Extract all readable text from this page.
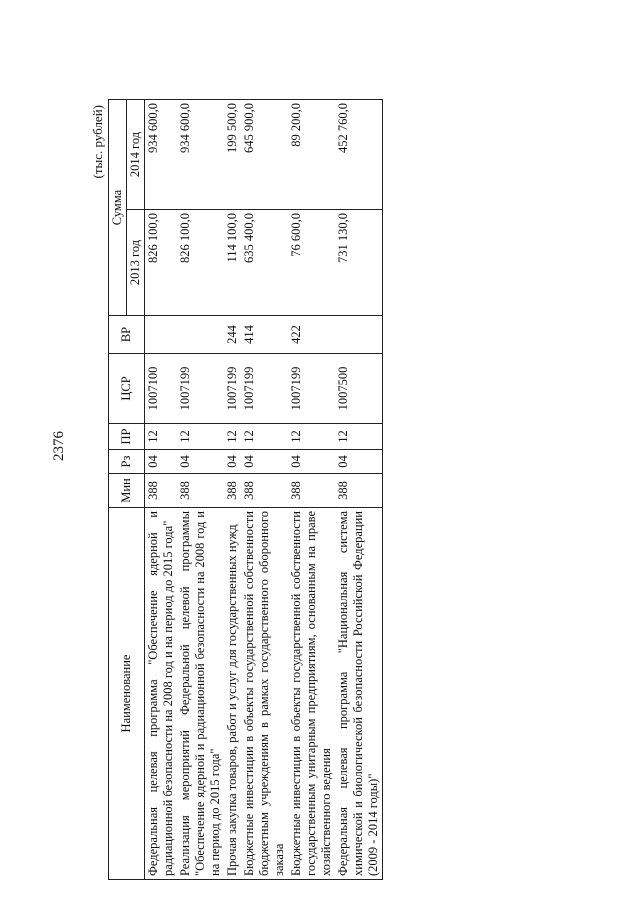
2376
(тыс. рублей)
Наименование	Мин	Рз	ПР	ЦСР	ВР	Сумма	
						2013 год	2014 год
Федеральная целевая программа "Обеспечение ядерной и радиационной безопасности на 2008 год и на период до 2015 года"	388	04	12	1007100		826 100,0	934 600,0
Реализация мероприятий Федеральной целевой программы "Обеспечение ядерной и радиационной безопасности на 2008 год и на период до 2015 года"	388	04	12	1007199		826 100,0	934 600,0
Прочая закупка товаров, работ и услуг для государственных нужд	388	04	12	1007199	244	114 100,0	199 500,0
Бюджетные инвестиции в объекты государственной собственности бюджетным учреждениям в рамках государственного оборонного заказа	388	04	12	1007199	414	635 400,0	645 900,0
Бюджетные инвестиции в объекты государственной собственности государственным унитарным предприятиям, основанным на праве хозяйственного ведения	388	04	12	1007199	422	76 600,0	89 200,0
Федеральная целевая программа "Национальная система химической и биологической безопасности Российской Федерации (2009 - 2014 годы)"	388	04	12	1007500		731 130,0	452 760,0
